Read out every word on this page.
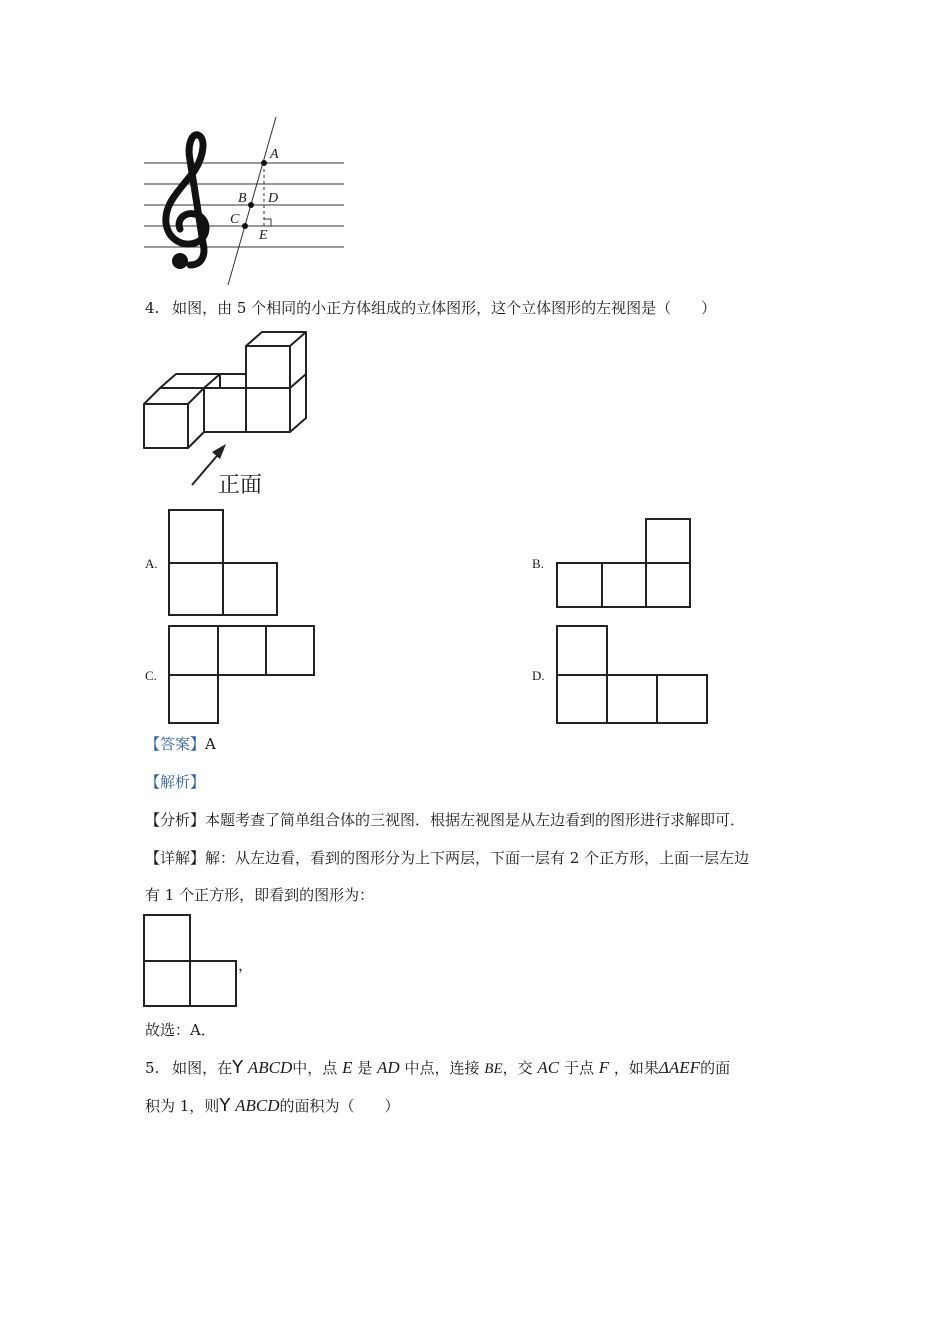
A
B D
C
E
4. 如图，由 5 个相同的小正方体组成的立体图形，这个立体图形的左视图是（　　）
正面
A.	B.
C.	D.
【答案】A
【解析】
【分析】本题考查了简单组合体的三视图．根据左视图是从左边看到的图形进行求解即可．
【详解】解：从左边看，看到的图形分为上下两层，下面一层有 2 个正方形，上面一层左边
有 1 个正方形，即看到的图形为：
，
故选：A．
5. 如图，在Y ABCD中，点 E 是 AD 中点，连接 BE，交 AC 于点 F ，如果ΔAEF的面
积为 1，则Y ABCD的面积为（　　）
